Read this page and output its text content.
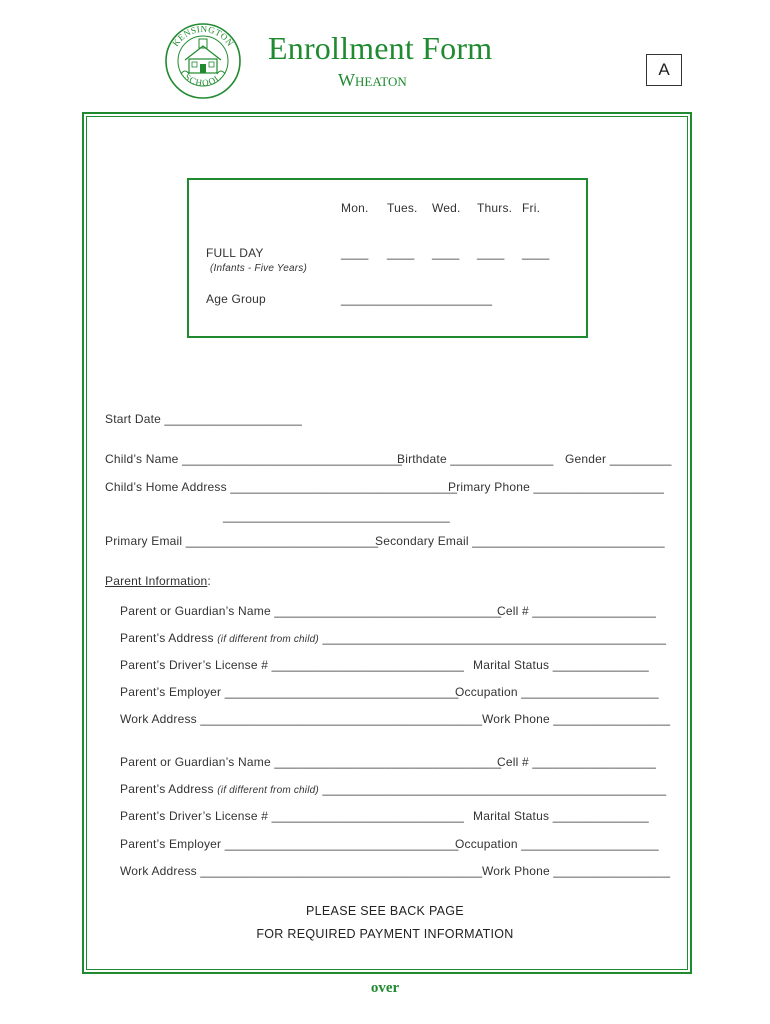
KENSINGTON
SCHOOL
Enrollment Form
Wheaton
A
Mon. Tues. Wed. Thurs. Fri.
FULL DAY
(Infants - Five Years)
____ ____ ____ ____ ____
Age Group	______________________
Start Date ____________________
Child’s Name ________________________________
Birthdate _______________ Gender _________
Child’s Home Address _________________________________
Primary Phone ___________________
_________________________________
Primary Email ____________________________
Secondary Email ____________________________
Parent Information:
Parent or Guardian’s Name _________________________________
Cell # __________________
Parent’s Address (if different from child) __________________________________________________
Parent’s Driver’s License # ____________________________ Marital Status ______________
Parent’s Employer __________________________________
Occupation ____________________
Work Address _________________________________________ Work Phone _________________
Parent or Guardian’s Name _________________________________
Cell # __________________
Parent’s Address (if different from child) __________________________________________________
Parent’s Driver’s License # ____________________________ Marital Status ______________
Parent’s Employer __________________________________
Occupation ____________________
Work Address _________________________________________ Work Phone _________________
PLEASE SEE BACK PAGE
FOR REQUIRED PAYMENT INFORMATION
over
